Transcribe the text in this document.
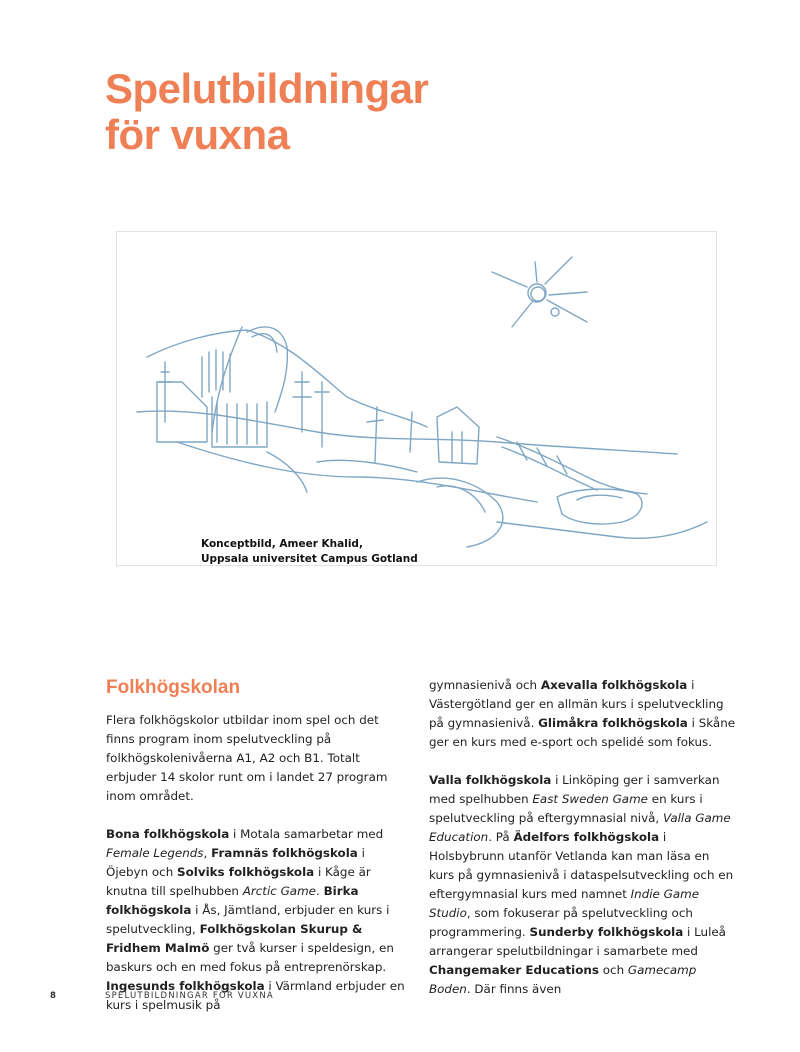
Spelutbildningar
för vuxna
Konceptbild, Ameer Khalid,
Uppsala universitet Campus Gotland
Folkhögskolan

Flera folkhögskolor utbildar inom spel och det finns program inom spelutveckling på folkhögskolenivåerna A1, A2 och B1. Totalt erbjuder 14 skolor runt om i landet 27 program inom området.

Bona folkhögskola i Motala samarbetar med Female Legends, Framnäs folkhögskola i Öjebyn och Solviks folkhögskola i Kåge är knutna till spelhubben Arctic Game. Birka folkhögskola i Ås, Jämtland, erbjuder en kurs i spelutveckling, Folkhögskolan Skurup & Fridhem Malmö ger två kurser i speldesign, en baskurs och en med fokus på entreprenörskap. Ingesunds folkhögskola i Värmland erbjuder en kurs i spelmusik på

gymnasienivå och Axevalla folkhögskola i Västergötland ger en allmän kurs i spelutveckling på gymnasienivå. Glimåkra folkhögskola i Skåne ger en kurs med e-sport och spelidé som fokus.

Valla folkhögskola i Linköping ger i samverkan med spelhubben East Sweden Game en kurs i spelutveckling på eftergymnasial nivå, Valla Game Education. På Ädelfors folkhögskola i Holsbybrunn utanför Vetlanda kan man läsa en kurs på gymnasienivå i dataspelsutveckling och en eftergymnasial kurs med namnet Indie Game Studio, som fokuserar på spelutveckling och programmering. Sunderby folkhögskola i Luleå arrangerar spelutbildningar i samarbete med Changemaker Educations och Gamecamp Boden. Där finns även

8	SPELUTBILDNINGAR FÖR VUXNA
